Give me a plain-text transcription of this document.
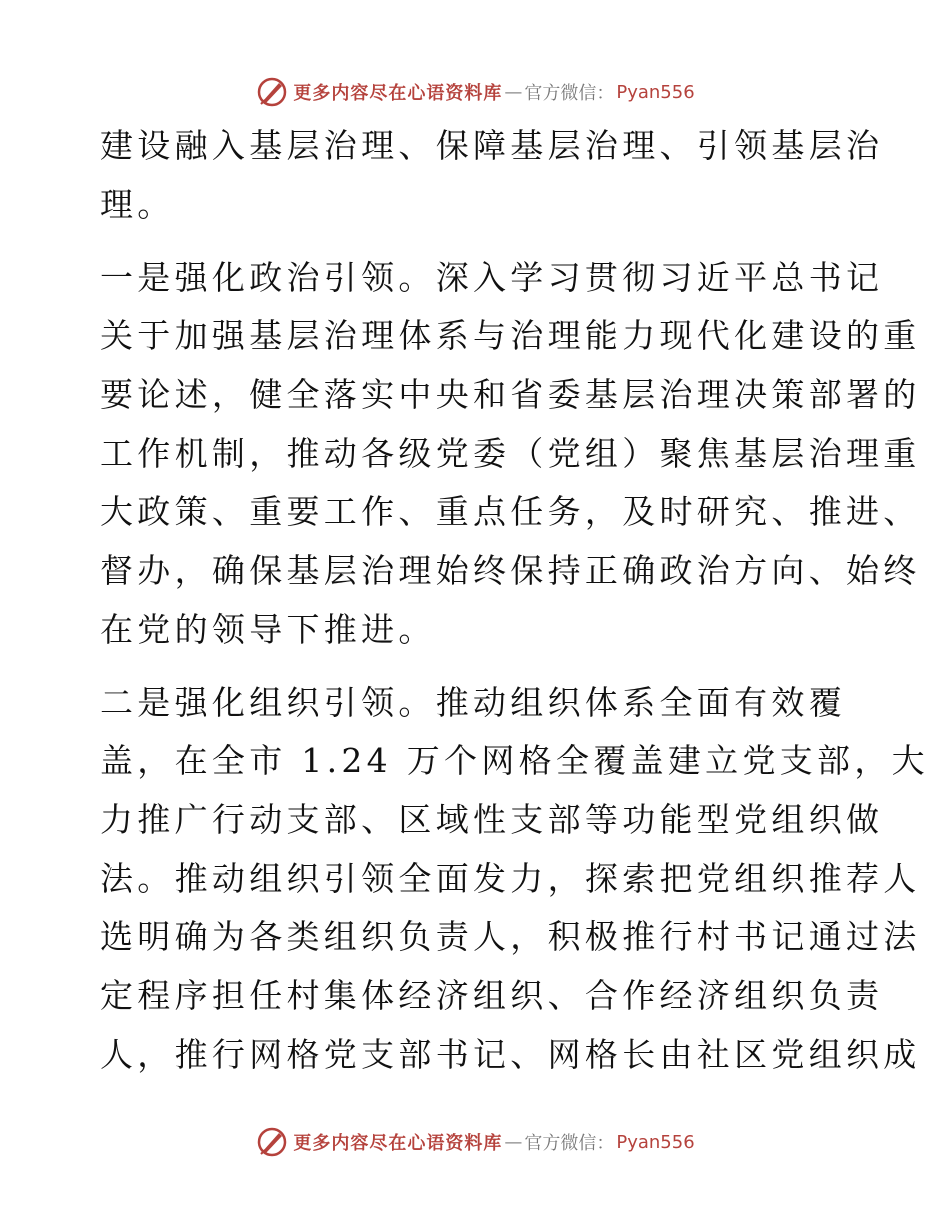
更多内容尽在心语资料库 — 官方微信： Pyan556
建设融入基层治理、保障基层治理、引领基层治
理。
一是强化政治引领。深入学习贯彻习近平总书记
关于加强基层治理体系与治理能力现代化建设的重
要论述，健全落实中央和省委基层治理决策部署的
工作机制，推动各级党委（党组）聚焦基层治理重
大政策、重要工作、重点任务，及时研究、推进、
督办，确保基层治理始终保持正确政治方向、始终
在党的领导下推进。
二是强化组织引领。推动组织体系全面有效覆
盖，在全市 1.24 万个网格全覆盖建立党支部，大
力推广行动支部、区域性支部等功能型党组织做
法。推动组织引领全面发力，探索把党组织推荐人
选明确为各类组织负责人，积极推行村书记通过法
定程序担任村集体经济组织、合作经济组织负责
人，推行网格党支部书记、网格长由社区党组织成
更多内容尽在心语资料库 — 官方微信： Pyan556
